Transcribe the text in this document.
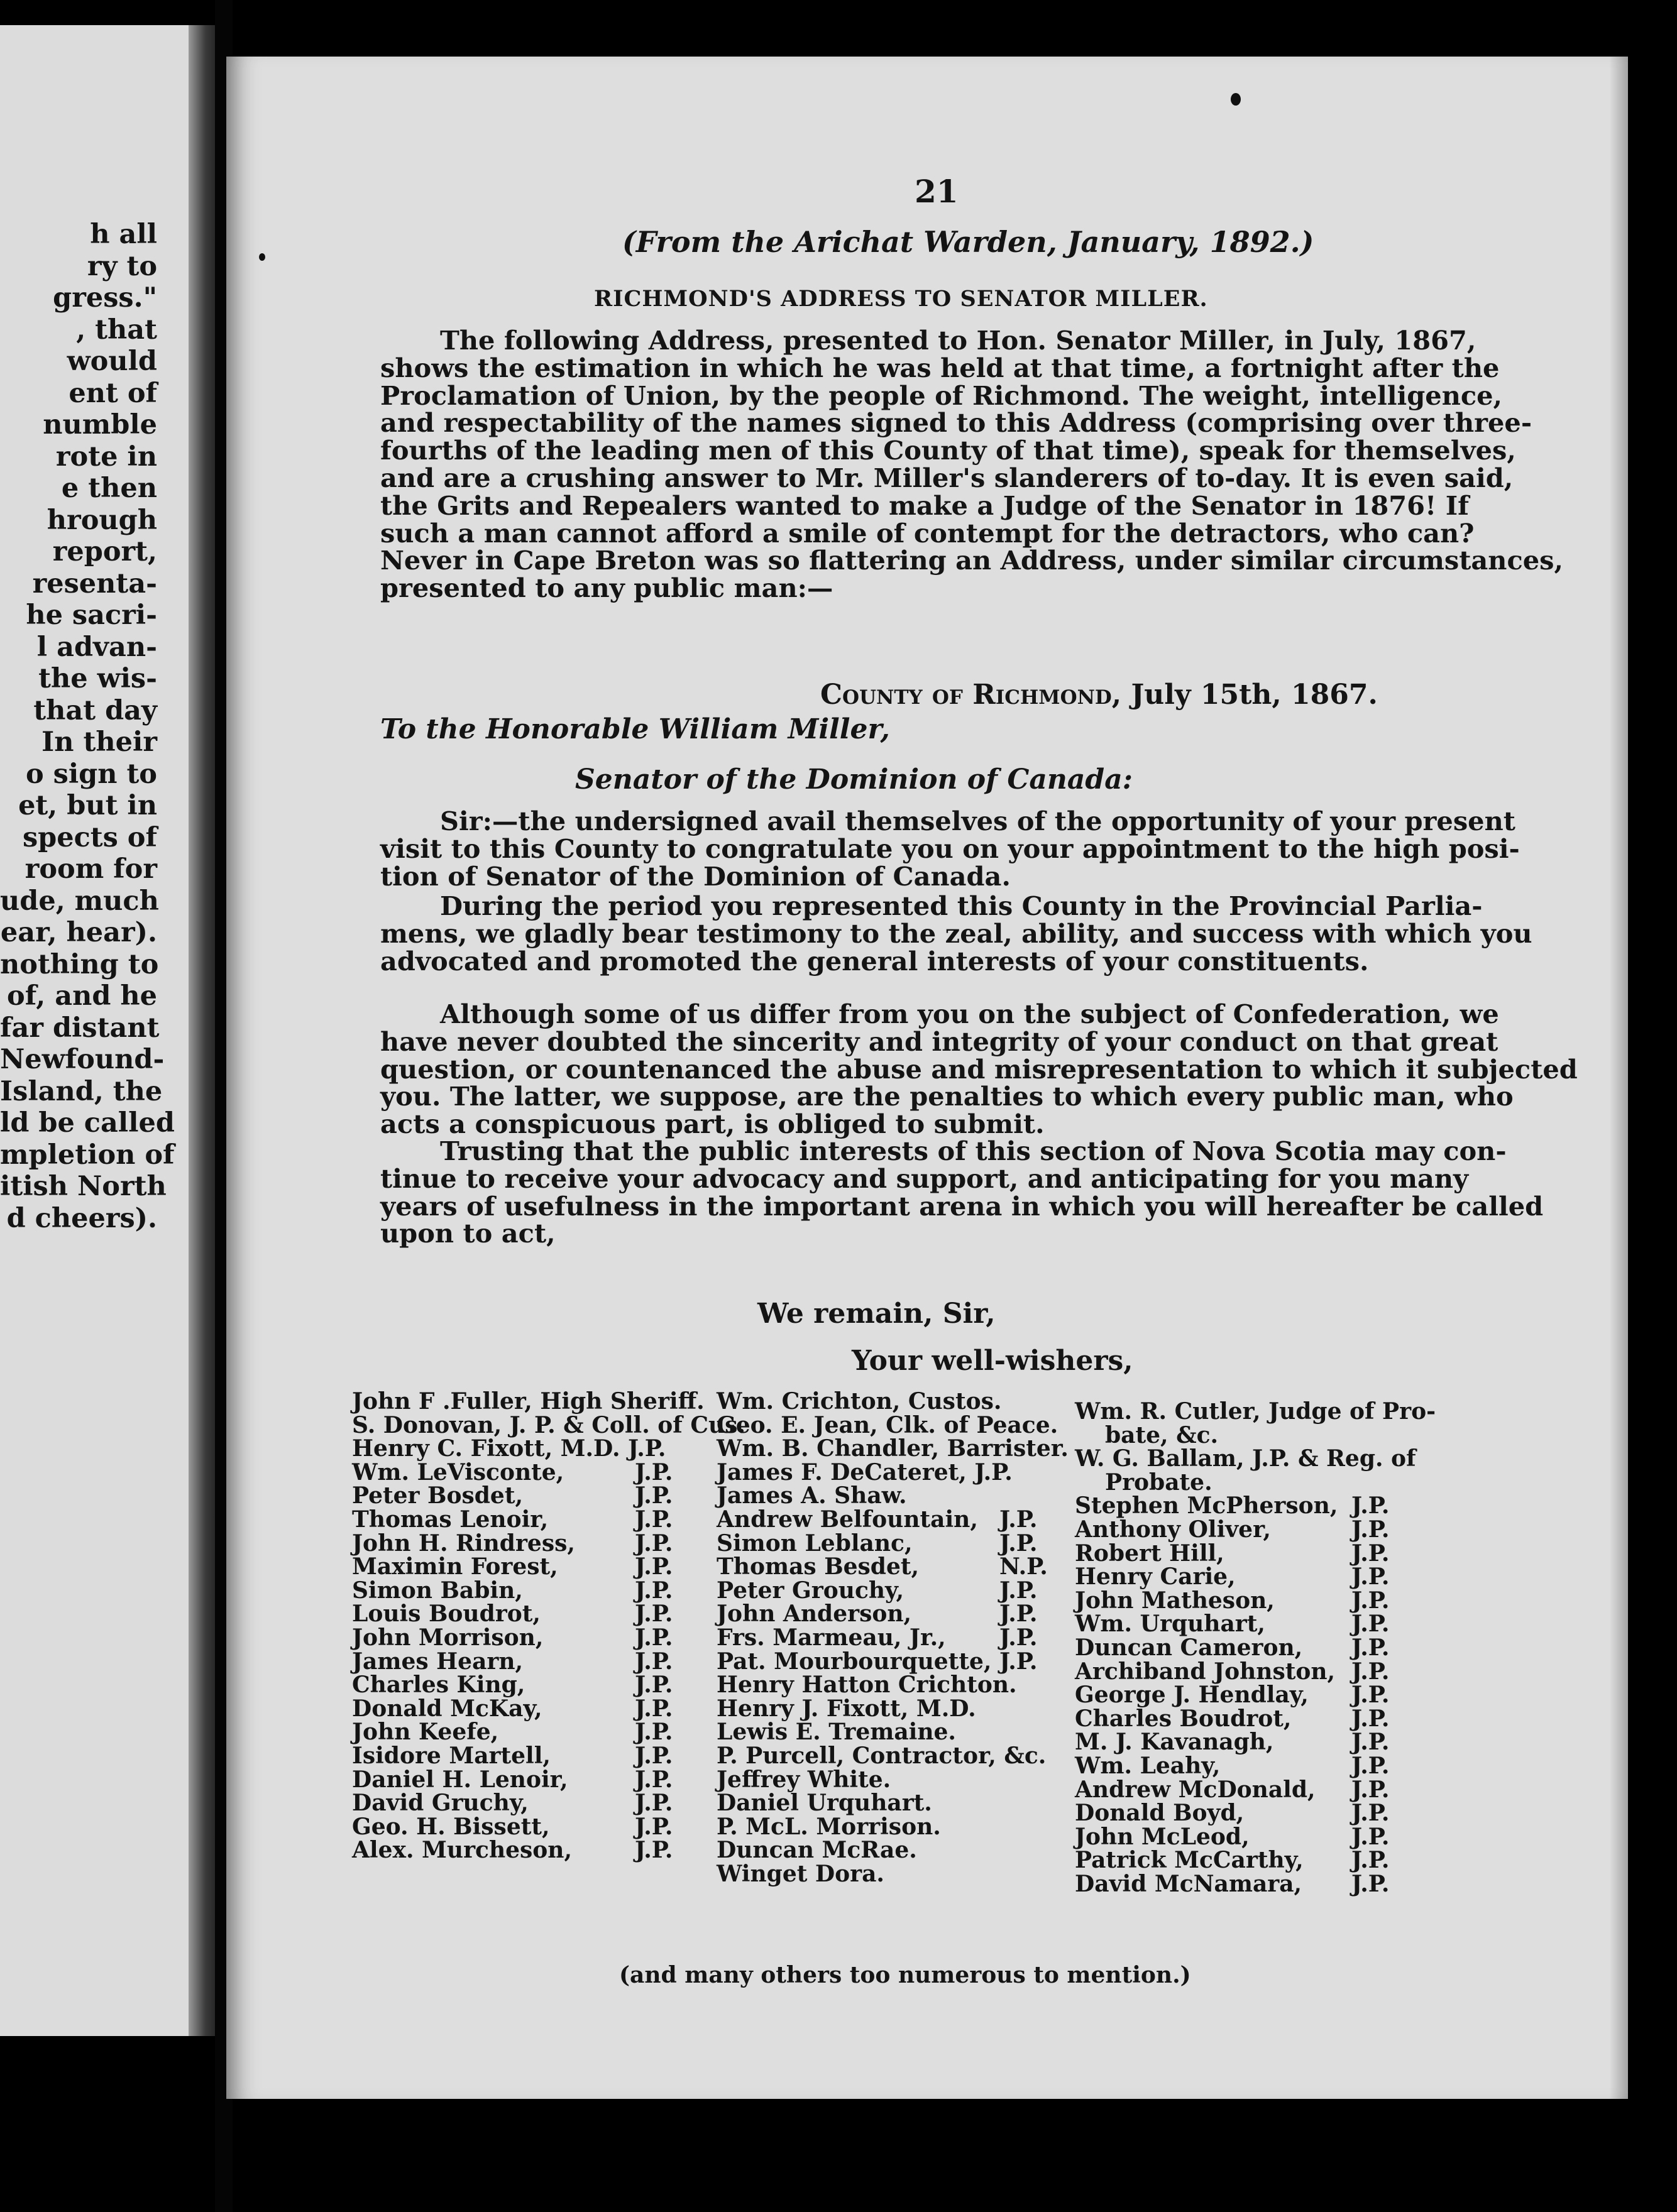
h all
ry to
gress."
, that
would
ent of
numble
rote in
e then
hrough
report,
resenta-
he sacri-
l advan-
the wis-
that day
In their
o sign to
et, but in
spects of
room for
ude, much
ear, hear).
nothing to
of, and he
far distant
Newfound-
Island, the
ld be called
mpletion of
itish North
d cheers).
21
(From the Arichat Warden, January, 1892.)
RICHMOND'S ADDRESS TO SENATOR MILLER.
The following Address, presented to Hon. Senator Miller, in July, 1867,
shows the estimation in which he was held at that time, a fortnight after the
Proclamation of Union, by the people of Richmond. The weight, intelligence,
and respectability of the names signed to this Address (comprising over three-
fourths of the leading men of this County of that time), speak for themselves,
and are a crushing answer to Mr. Miller's slanderers of to-day. It is even said,
the Grits and Repealers wanted to make a Judge of the Senator in 1876! If
such a man cannot afford a smile of contempt for the detractors, who can?
Never in Cape Breton was so flattering an Address, under similar circumstances,
presented to any public man:—
County of Richmond, July 15th, 1867.
To the Honorable William Miller,
Senator of the Dominion of Canada:
Sir:—the undersigned avail themselves of the opportunity of your present
visit to this County to congratulate you on your appointment to the high posi-
tion of Senator of the Dominion of Canada.
During the period you represented this County in the Provincial Parlia-
mens, we gladly bear testimony to the zeal, ability, and success with which you
advocated and promoted the general interests of your constituents.
Although some of us differ from you on the subject of Confederation, we
have never doubted the sincerity and integrity of your conduct on that great
question, or countenanced the abuse and misrepresentation to which it subjected
you. The latter, we suppose, are the penalties to which every public man, who
acts a conspicuous part, is obliged to submit.
Trusting that the public interests of this section of Nova Scotia may con-
tinue to receive your advocacy and support, and anticipating for you many
years of usefulness in the important arena in which you will hereafter be called
upon to act,
We remain, Sir,
Your well-wishers,
John F .Fuller, High Sheriff.
S. Donovan, J. P. & Coll. of Cus.
Henry C. Fixott, M.D. J.P.
Wm. LeVisconte,	J.P.
Peter Bosdet,	J.P.
Thomas Lenoir,	J.P.
John H. Rindress,	J.P.
Maximin Forest,	J.P.
Simon Babin,	J.P.
Louis Boudrot,	J.P.
John Morrison,	J.P.
James Hearn,	J.P.
Charles King,	J.P.
Donald McKay,	J.P.
John Keefe,	J.P.
Isidore Martell,	J.P.
Daniel H. Lenoir,	J.P.
David Gruchy,	J.P.
Geo. H. Bissett,	J.P.
Alex. Murcheson,	J.P.
Wm. Crichton, Custos.
Geo. E. Jean, Clk. of Peace.
Wm. B. Chandler, Barrister.
James F. DeCateret, J.P.
James A. Shaw.
Andrew Belfountain, J.P.
Simon Leblanc,	J.P.
Thomas Besdet,	N.P.
Peter Grouchy,	J.P.
John Anderson,	J.P.
Frs. Marmeau, Jr., J.P.
Pat. Mourbourquette, J.P.
Henry Hatton Crichton.
Henry J. Fixott, M.D.
Lewis E. Tremaine.
P. Purcell, Contractor, &c.
Jeffrey White.
Daniel Urquhart.
P. McL. Morrison.
Duncan McRae.
Winget Dora.
Wm. R. Cutler, Judge of Pro-
bate, &c.
W. G. Ballam, J.P. & Reg. of
Probate.
Stephen McPherson, J.P.
Anthony Oliver,	J.P.
Robert Hill,	J.P.
Henry Carie,	J.P.
John Matheson,	J.P.
Wm. Urquhart,	J.P.
Duncan Cameron, J.P.
Archiband Johnston, J.P.
George J. Hendlay, J.P.
Charles Boudrot,	J.P.
M. J. Kavanagh,	J.P.
Wm. Leahy,	J.P.
Andrew McDonald, J.P.
Donald Boyd,	J.P.
John McLeod,	J.P.
Patrick McCarthy, J.P.
David McNamara, J.P.
(and many others too numerous to mention.)
